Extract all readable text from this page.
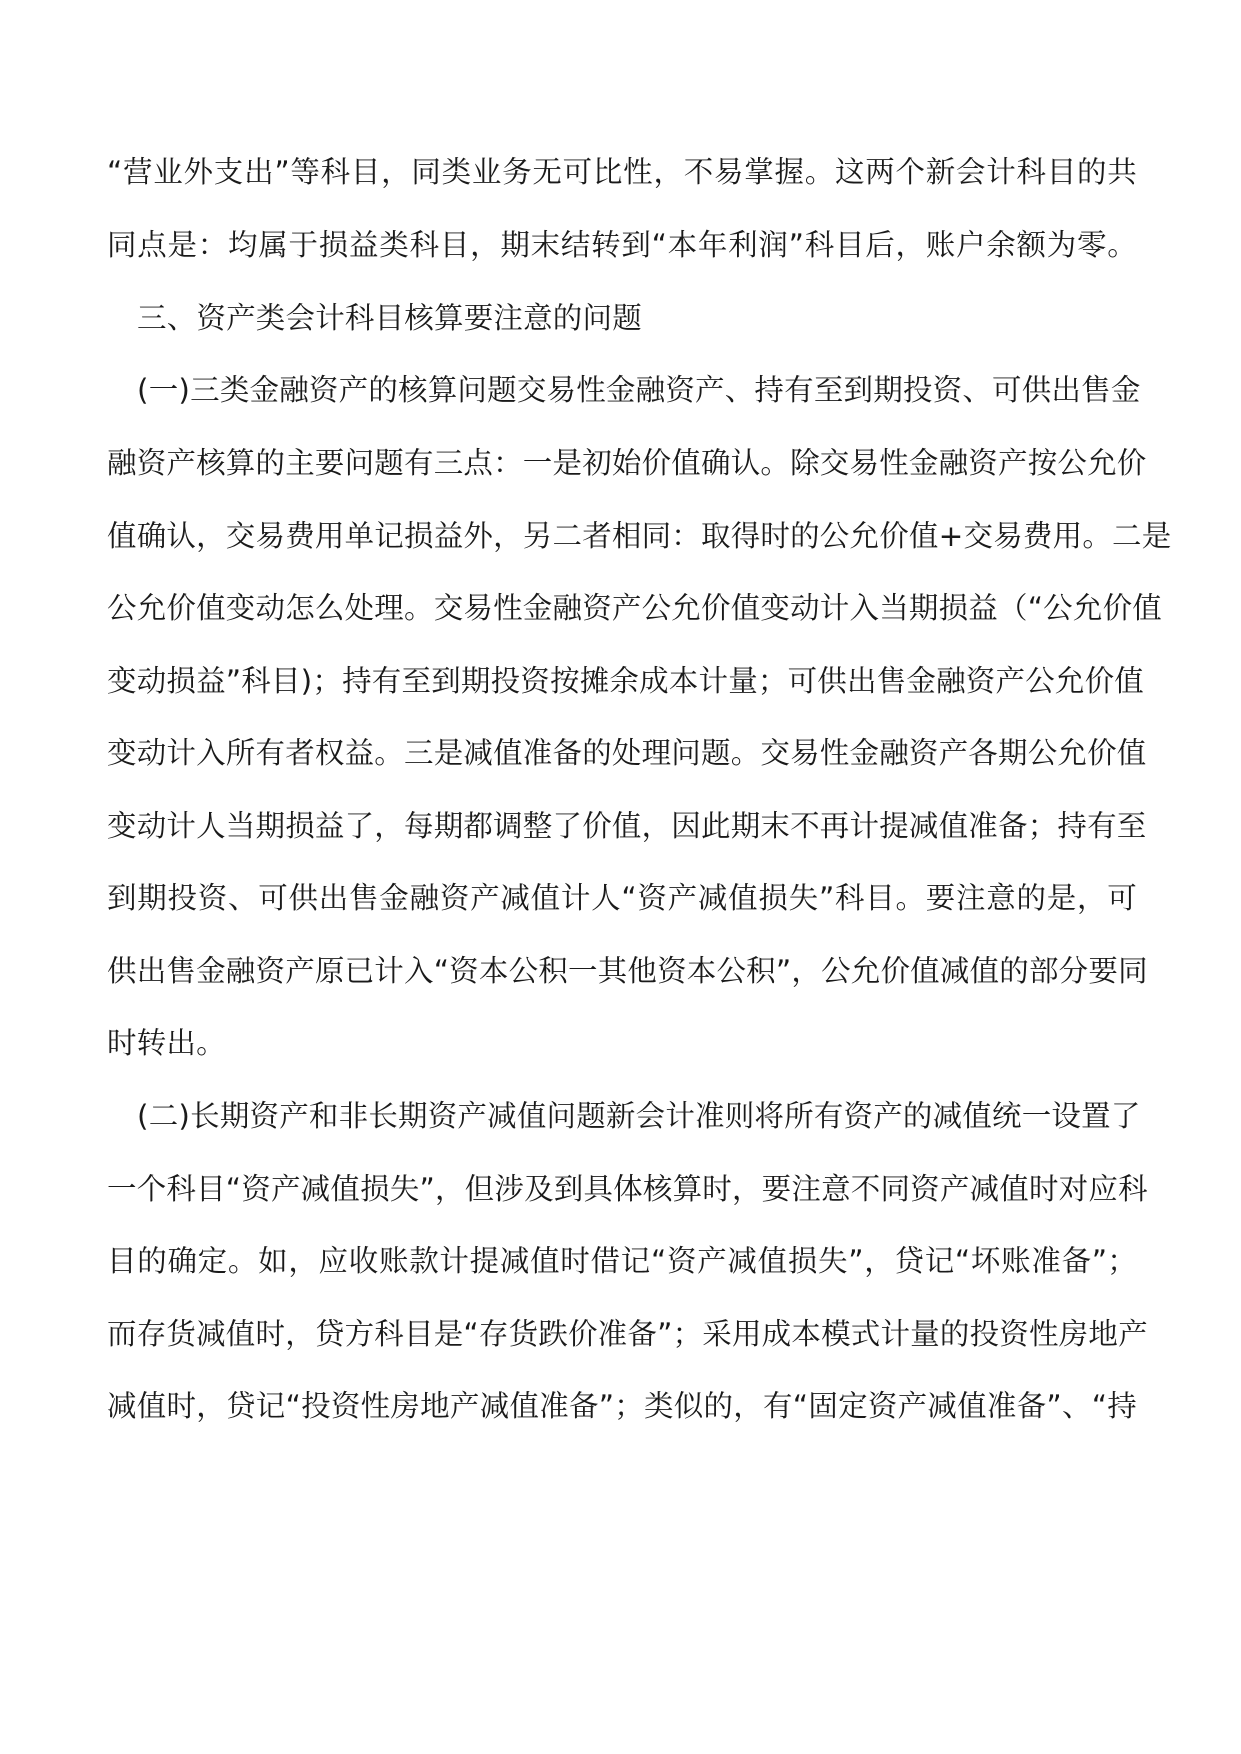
“营业外支出”等科目，同类业务无可比性，不易掌握。这两个新会计科目的共
同点是：均属于损益类科目，期末结转到“本年利润”科目后，账户余额为零。
三、资产类会计科目核算要注意的问题
(一)三类金融资产的核算问题交易性金融资产、持有至到期投资、可供出售金
融资产核算的主要问题有三点：一是初始价值确认。除交易性金融资产按公允价
值确认，交易费用单记损益外，另二者相同：取得时的公允价值+交易费用。二是
公允价值变动怎么处理。交易性金融资产公允价值变动计入当期损益（“公允价值
变动损益”科目)；持有至到期投资按摊余成本计量；可供出售金融资产公允价值
变动计入所有者权益。三是减值准备的处理问题。交易性金融资产各期公允价值
变动计人当期损益了，每期都调整了价值，因此期末不再计提减值准备；持有至
到期投资、可供出售金融资产减值计人“资产减值损失”科目。要注意的是，可
供出售金融资产原已计入“资本公积一其他资本公积”，公允价值减值的部分要同
时转出。
(二)长期资产和非长期资产减值问题新会计准则将所有资产的减值统一设置了
一个科目“资产减值损失”，但涉及到具体核算时，要注意不同资产减值时对应科
目的确定。如，应收账款计提减值时借记“资产减值损失”，贷记“坏账准备”；
而存货减值时，贷方科目是“存货跌价准备”；采用成本模式计量的投资性房地产
减值时，贷记“投资性房地产减值准备”；类似的，有“固定资产减值准备”、“持
